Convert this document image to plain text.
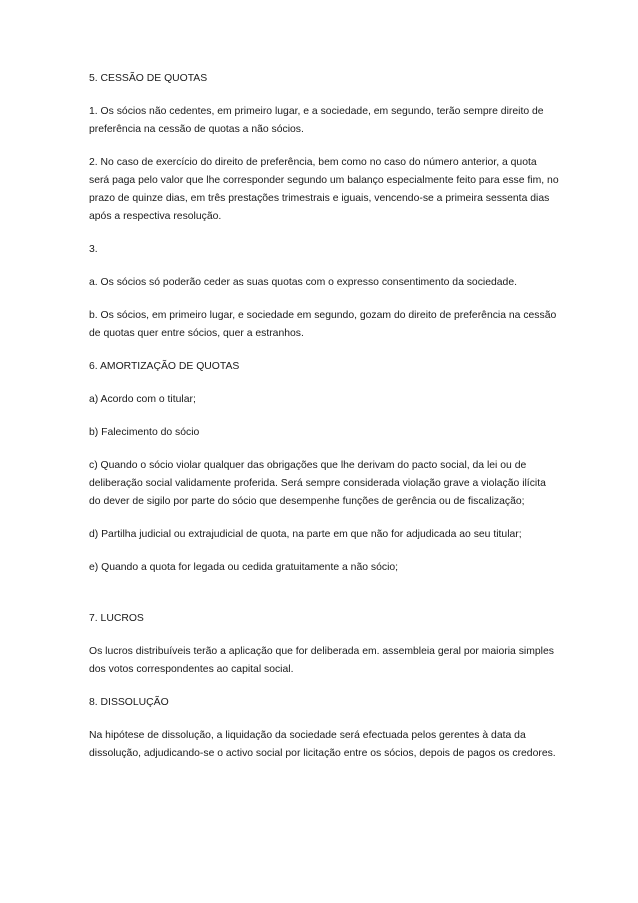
5. CESSÃO DE QUOTAS

1. Os sócios não cedentes, em primeiro lugar, e a sociedade, em segundo, terão sempre direito de preferência na cessão de quotas a não sócios.

2. No caso de exercício do direito de preferência, bem como no caso do número anterior, a quota será paga pelo valor que lhe corresponder segundo um balanço especialmente feito para esse fim, no prazo de quinze dias, em três prestações trimestrais e iguais, vencendo‑se a primeira sessenta dias após a respectiva resolução.

3.

a. Os sócios só poderão ceder as suas quotas com o expresso consentimento da sociedade.

b. Os sócios, em primeiro lugar, e sociedade em segundo, gozam do direito de preferência na cessão de quotas quer entre sócios, quer a estranhos.

6. AMORTIZAÇÃO DE QUOTAS

a) Acordo com o titular;

b) Falecimento do sócio

c) Quando o sócio violar qualquer das obrigações que lhe derivam do pacto social, da lei ou de deliberação social validamente proferida. Será sempre considerada violação grave a violação ilícita do dever de sigilo por parte do sócio que desempenhe funções de gerência ou de fiscalização;

d) Partilha judicial ou extrajudicial de quota, na parte em que não for adjudicada ao seu titular;

e) Quando a quota for legada ou cedida gratuitamente a não sócio;

7. LUCROS

Os lucros distribuíveis terão a aplicação que for deliberada em. assembleia geral por maioria simples dos votos correspondentes ao capital social.

8. DISSOLUÇÃO

Na hipótese de dissolução, a liquidação da sociedade será efectuada pelos gerentes à data da dissolução, adjudicando‑se o activo social por licitação entre os sócios, depois de pagos os credores.
